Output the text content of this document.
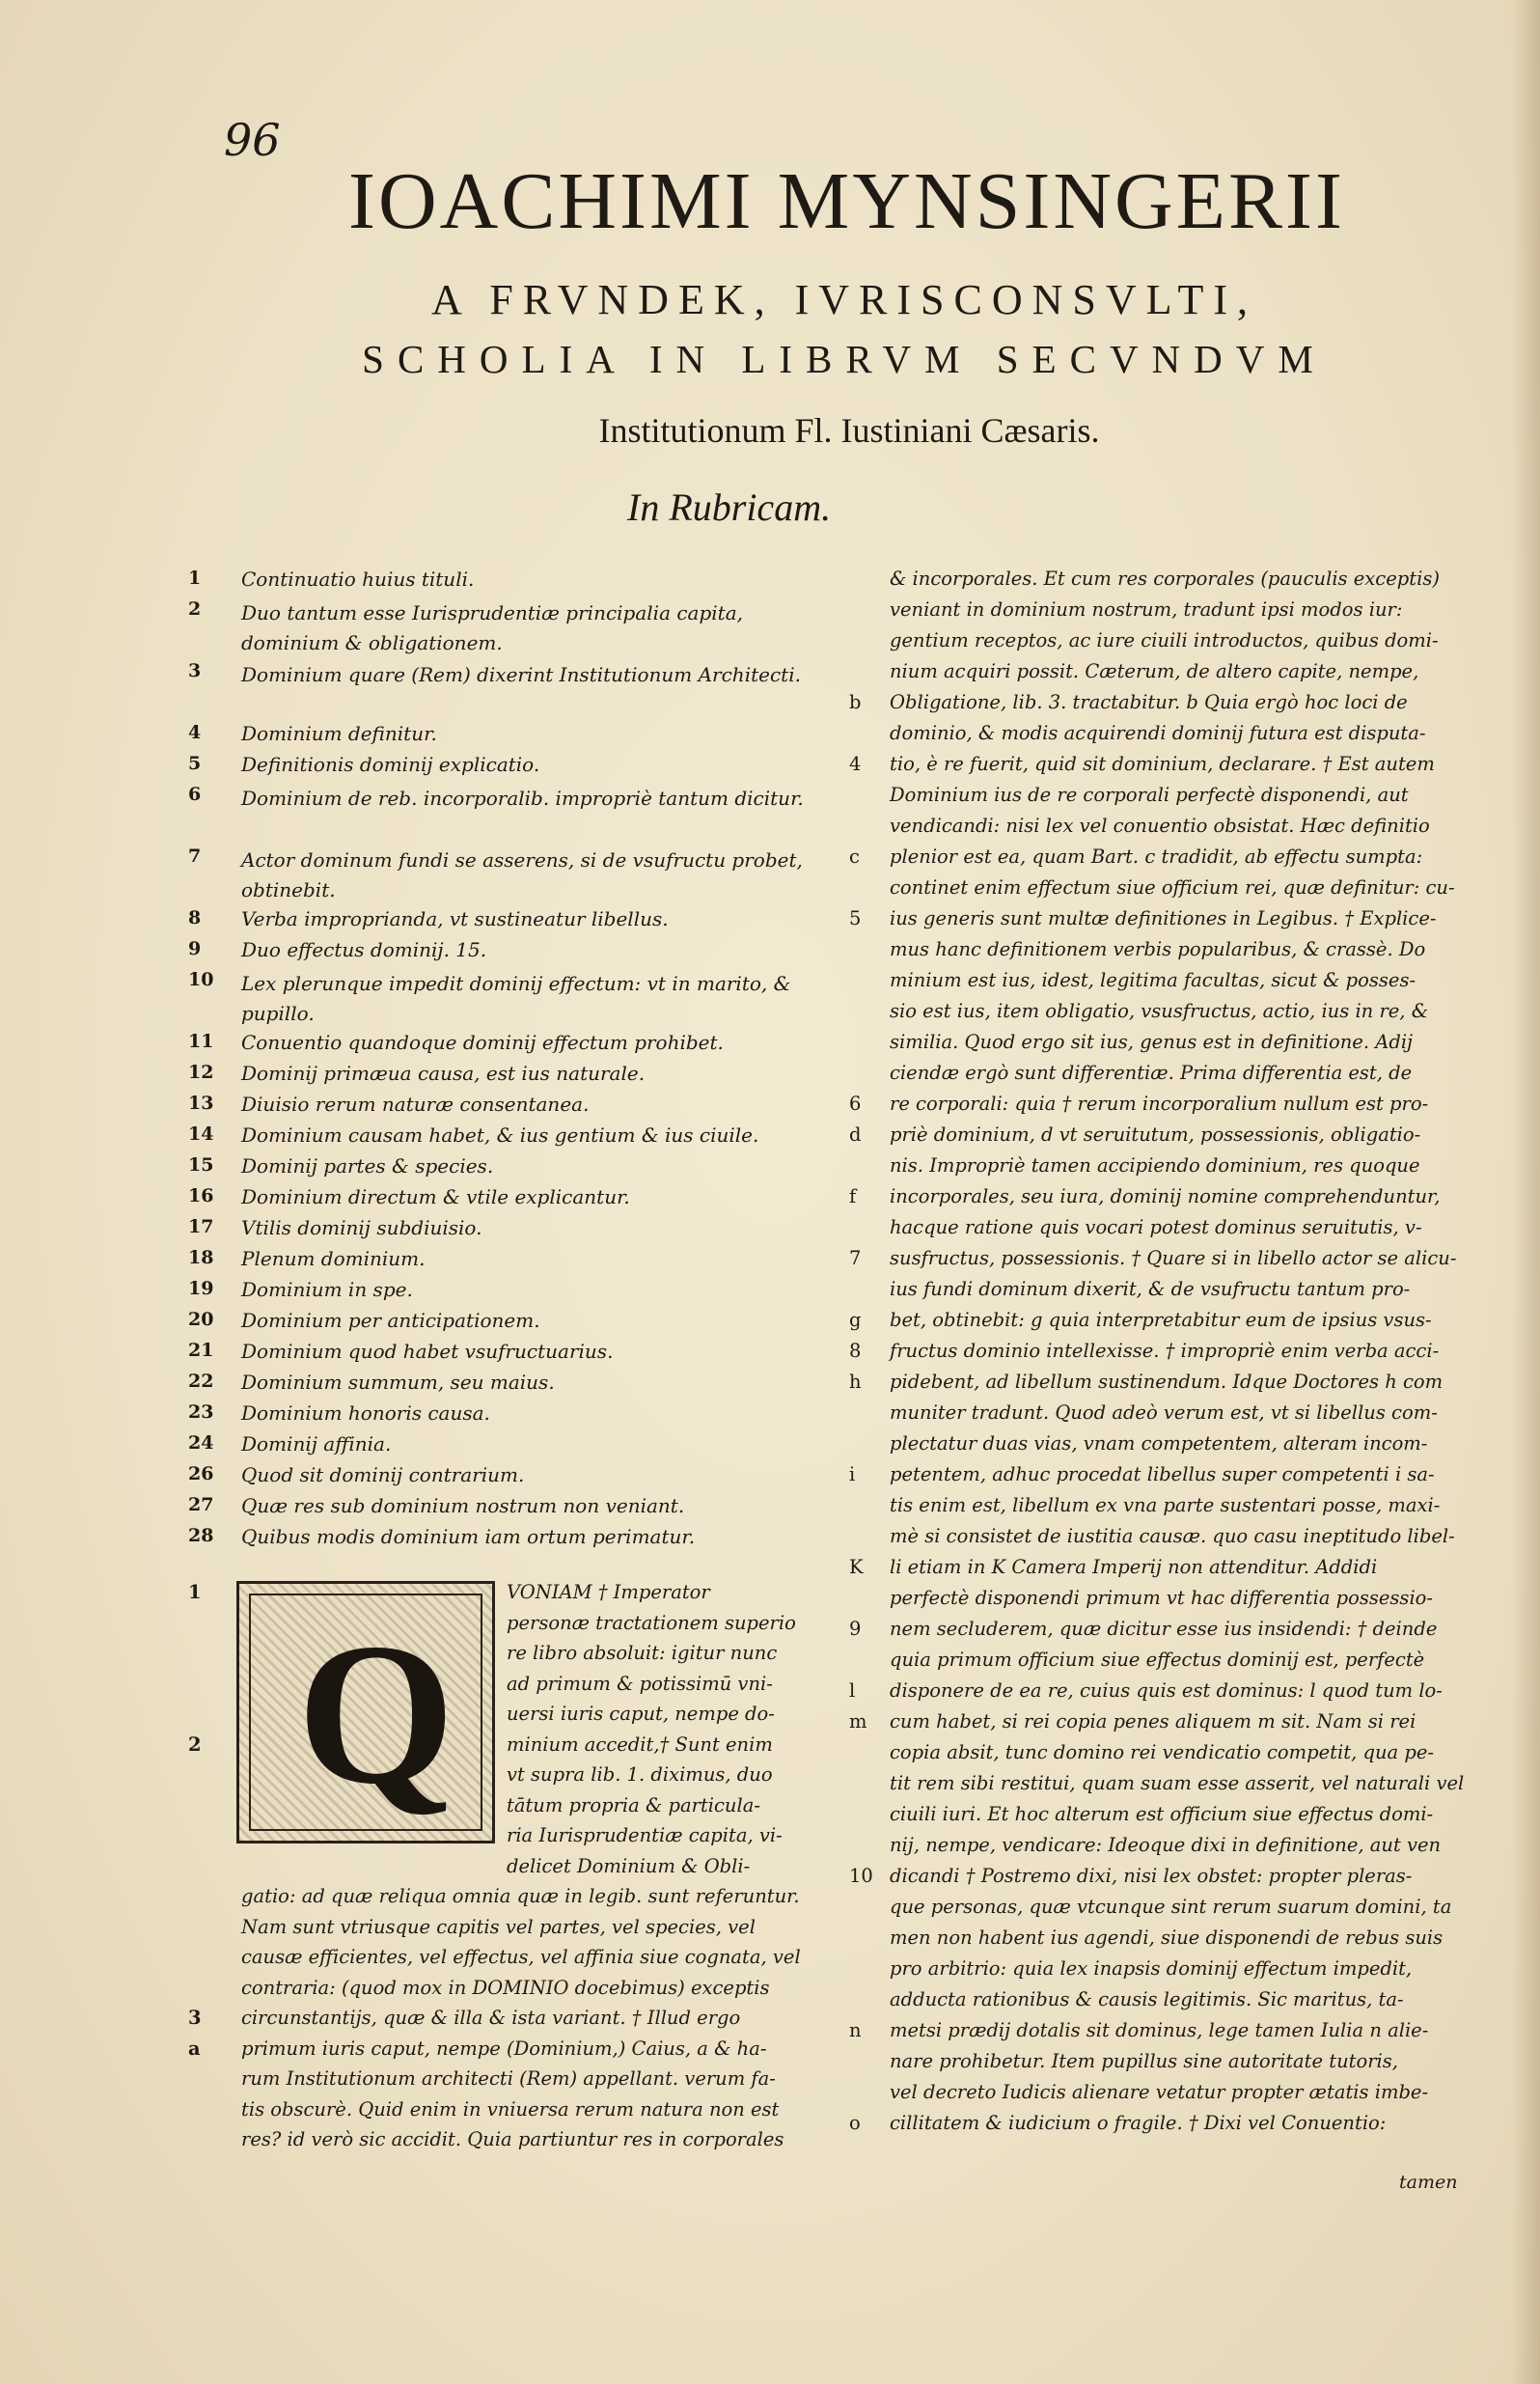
96
IOACHIMI MYNSINGERII
A FRVNDEK, IVRISCONSVLTI,
SCHOLIA IN LIBRVM SECVNDVM
Institutionum Fl. Iustiniani Cæsaris.
In Rubricam.
1	Continuatio huius tituli.
2	Duo tantum esse Iurisprudentiæ principalia capita, dominium & obligationem.
3	Dominium quare (Rem) dixerint Institutionum Architecti.
4	Dominium definitur.
5	Definitionis dominij explicatio.
6	Dominium de reb. incorporalib. impropriè tantum dicitur.
7	Actor dominum fundi se asserens, si de vsufructu probet, obtinebit.
8	Verba improprianda, vt sustineatur libellus.
9	Duo effectus dominij. 15.
10	Lex plerunque impedit dominij effectum: vt in marito, & pupillo.
11	Conuentio quandoque dominij effectum prohibet.
12	Dominij primæua causa, est ius naturale.
13	Diuisio rerum naturæ consentanea.
14	Dominium causam habet, & ius gentium & ius ciuile.
15	Dominij partes & species.
16	Dominium directum & vtile explicantur.
17	Vtilis dominij subdiuisio.
18	Plenum dominium.
19	Dominium in spe.
20	Dominium per anticipationem.
21	Dominium quod habet vsufructuarius.
22	Dominium summum, seu maius.
23	Dominium honoris causa.
24	Dominij affinia.
26	Quod sit dominij contrarium.
27	Quæ res sub dominium nostrum non veniant.
28	Quibus modis dominium iam ortum perimatur.
Q
1	VONIAM † Imperator
personæ tractationem superio
re libro absoluit: igitur nunc
ad primum & potissimū vni-
uersi iuris caput, nempe do-
2	minium accedit,† Sunt enim
vt supra lib. 1. diximus, duo
tātum propria & particula-
ria Iurisprudentiæ capita, vi-
delicet Dominium & Obli-
gatio: ad quæ reliqua omnia quæ in legib. sunt referuntur.
Nam sunt vtriusque capitis vel partes, vel species, vel
causæ efficientes, vel effectus, vel affinia siue cognata, vel
contraria: (quod mox in DOMINIO docebimus) exceptis
3	circunstantijs, quæ & illa & ista variant. † Illud ergo
a	primum iuris caput, nempe (Dominium,) Caius, a & ha-
rum Institutionum architecti (Rem) appellant. verum fa-
tis obscurè. Quid enim in vniuersa rerum natura non est
res? id verò sic accidit. Quia partiuntur res in corporales
& incorporales. Et cum res corporales (pauculis exceptis)
veniant in dominium nostrum, tradunt ipsi modos iur:
gentium receptos, ac iure ciuili introductos, quibus domi-
nium acquiri possit. Cæterum, de altero capite, nempe,
b	Obligatione, lib. 3. tractabitur. b Quia ergò hoc loci de
dominio, & modis acquirendi dominij futura est disputa-
4	tio, è re fuerit, quid sit dominium, declarare. † Est autem
Dominium ius de re corporali perfectè disponendi, aut
vendicandi: nisi lex vel conuentio obsistat. Hæc definitio
c	plenior est ea, quam Bart. c tradidit, ab effectu sumpta:
continet enim effectum siue officium rei, quæ definitur: cu-
5	ius generis sunt multæ definitiones in Legibus. † Explice-
mus hanc definitionem verbis popularibus, & crassè. Do
minium est ius, idest, legitima facultas, sicut & posses-
sio est ius, item obligatio, vsusfructus, actio, ius in re, &
similia. Quod ergo sit ius, genus est in definitione. Adij
ciendæ ergò sunt differentiæ. Prima differentia est, de
6	re corporali: quia † rerum incorporalium nullum est pro-
d	priè dominium, d vt seruitutum, possessionis, obligatio-
nis. Impropriè tamen accipiendo dominium, res quoque
f	incorporales, seu iura, dominij nomine comprehenduntur,
hacque ratione quis vocari potest dominus seruitutis, v-
7	susfructus, possessionis. † Quare si in libello actor se alicu-
ius fundi dominum dixerit, & de vsufructu tantum pro-
g	bet, obtinebit: g quia interpretabitur eum de ipsius vsus-
8	fructus dominio intellexisse. † impropriè enim verba acci-
h	pidebent, ad libellum sustinendum. Idque Doctores h com
muniter tradunt. Quod adeò verum est, vt si libellus com-
plectatur duas vias, vnam competentem, alteram incom-
i	petentem, adhuc procedat libellus super competenti i sa-
tis enim est, libellum ex vna parte sustentari posse, maxi-
mè si consistet de iustitia causæ. quo casu ineptitudo libel-
K	li etiam in K Camera Imperij non attenditur. Addidi
perfectè disponendi primum vt hac differentia possessio-
9	nem secluderem, quæ dicitur esse ius insidendi: † deinde
quia primum officium siue effectus dominij est, perfectè
l	disponere de ea re, cuius quis est dominus: l quod tum lo-
m	cum habet, si rei copia penes aliquem m sit. Nam si rei
copia absit, tunc domino rei vendicatio competit, qua pe-
tit rem sibi restitui, quam suam esse asserit, vel naturali vel
ciuili iuri. Et hoc alterum est officium siue effectus domi-
nij, nempe, vendicare: Ideoque dixi in definitione, aut ven
10 dicandi † Postremo dixi, nisi lex obstet: propter pleras-
que personas, quæ vtcunque sint rerum suarum domini, ta
men non habent ius agendi, siue disponendi de rebus suis
pro arbitrio: quia lex inapsis dominij effectum impedit,
adducta rationibus & causis legitimis. Sic maritus, ta-
n	metsi prædij dotalis sit dominus, lege tamen Iulia n alie-
nare prohibetur. Item pupillus sine autoritate tutoris,
vel decreto Iudicis alienare vetatur propter ætatis imbe-
o	cillitatem & iudicium o fragile. † Dixi vel Conuentio:
tamen
